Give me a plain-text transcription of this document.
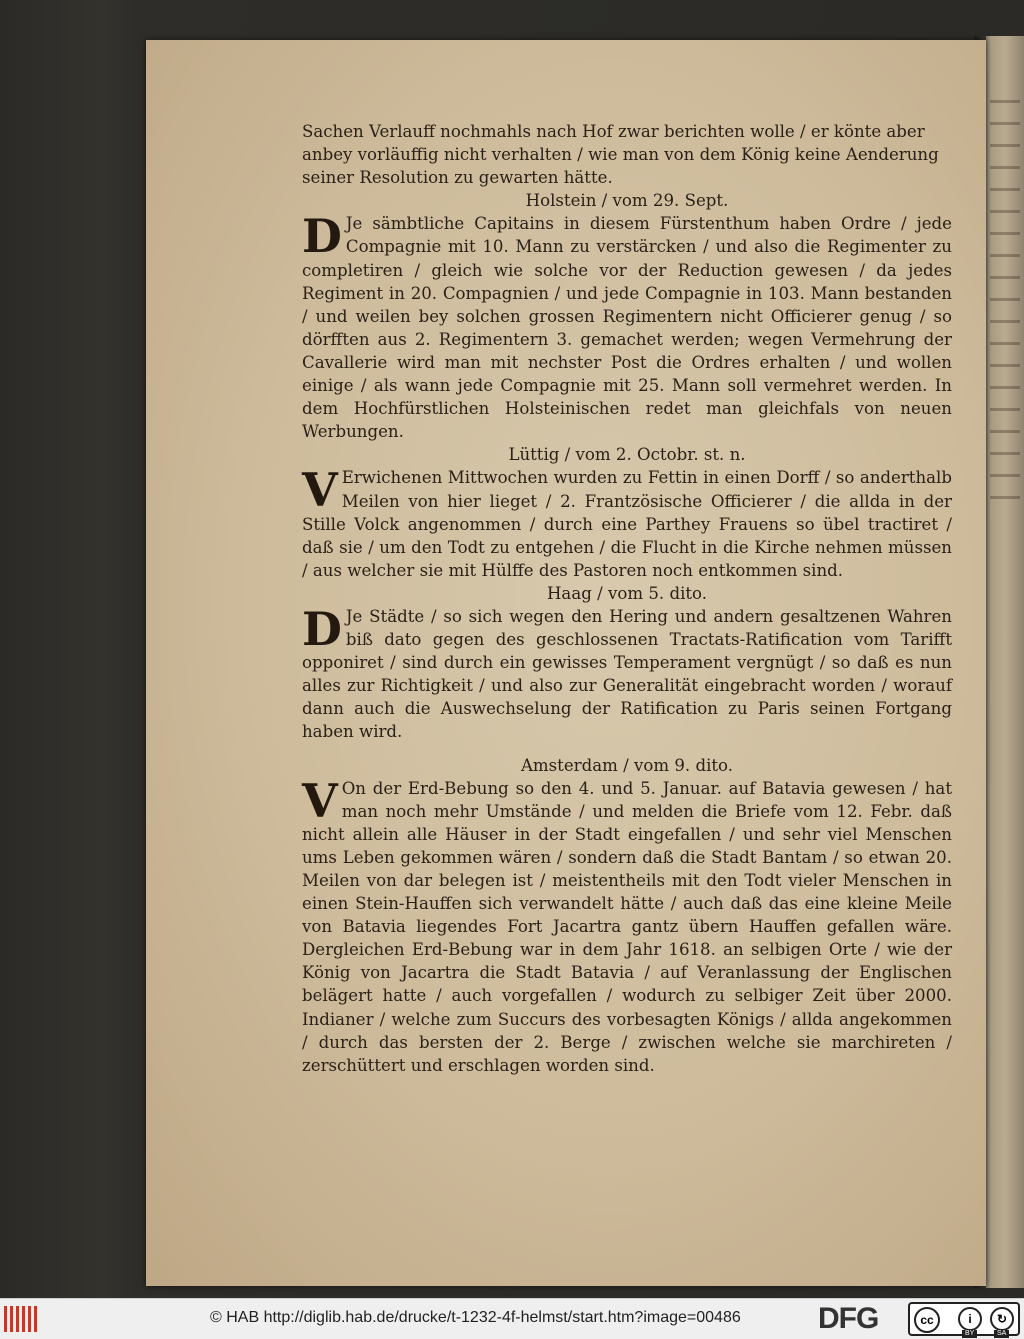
Sachen Verlauff nochmahls nach Hof zwar berichten wolle / er könte aber

anbey vorläuffig nicht verhalten / wie man von dem König keine Aenderung

seiner Resolution zu gewarten hätte.

Holstein / vom 29. Sept.

D Je sämbtliche Capitains in diesem Fürstenthum haben Ordre / jede Compagnie mit 10. Mann zu verstärcken / und also die Regimenter zu completiren / gleich wie solche vor der Reduction gewesen / da jedes Regiment in 20. Compagnien / und jede Compagnie in 103. Mann bestanden / und weilen bey solchen grossen Regimentern nicht Officierer genug / so dörfften aus 2. Regimentern 3. gemachet werden; wegen Vermehrung der Cavallerie wird man mit nechster Post die Ordres erhalten / und wollen einige / als wann jede Compagnie mit 25. Mann soll vermehret werden. In dem Hochfürstlichen Holsteinischen redet man gleichfals von neuen Werbungen.

Lüttig / vom 2. Octobr. st. n.

V Erwichenen Mittwochen wurden zu Fettin in einen Dorff / so anderthalb Meilen von hier lieget / 2. Frantzösische Officierer / die allda in der Stille Volck angenommen / durch eine Parthey Frauens so übel tractiret / daß sie / um den Todt zu entgehen / die Flucht in die Kirche nehmen müssen / aus welcher sie mit Hülffe des Pastoren noch entkommen sind.

Haag / vom 5. dito.

D Je Städte / so sich wegen den Hering und andern gesaltzenen Wahren biß dato gegen des geschlossenen Tractats-Ratification vom Tarifft opponiret / sind durch ein gewisses Temperament vergnügt / so daß es nun alles zur Richtigkeit / und also zur Generalität eingebracht worden / worauf dann auch die Auswechselung der Ratification zu Paris seinen Fortgang haben wird.

Amsterdam / vom 9. dito.

V On der Erd-Bebung so den 4. und 5. Januar. auf Batavia gewesen / hat man noch mehr Umstände / und melden die Briefe vom 12. Febr. daß nicht allein alle Häuser in der Stadt eingefallen / und sehr viel Menschen ums Leben gekommen wären / sondern daß die Stadt Bantam / so etwan 20. Meilen von dar belegen ist / meistentheils mit den Todt vieler Menschen in einen Stein-Hauffen sich verwandelt hätte / auch daß das eine kleine Meile von Batavia liegendes Fort Jacartra gantz übern Hauffen gefallen wäre. Dergleichen Erd-Bebung war in dem Jahr 1618. an selbigen Orte / wie der König von Jacartra die Stadt Batavia / auf Veranlassung der Englischen belägert hatte / auch vorgefallen / wodurch zu selbiger Zeit über 2000. Indianer / welche zum Succurs des vorbesagten Königs / allda angekommen / durch das bersten der 2. Berge / zwischen welche sie marchireten / zerschüttert und erschlagen worden sind.
© HAB http://diglib.hab.de/drucke/t-1232-4f-helmst/start.htm?image=00486	DFG	cc	i	↻
BY	SA
